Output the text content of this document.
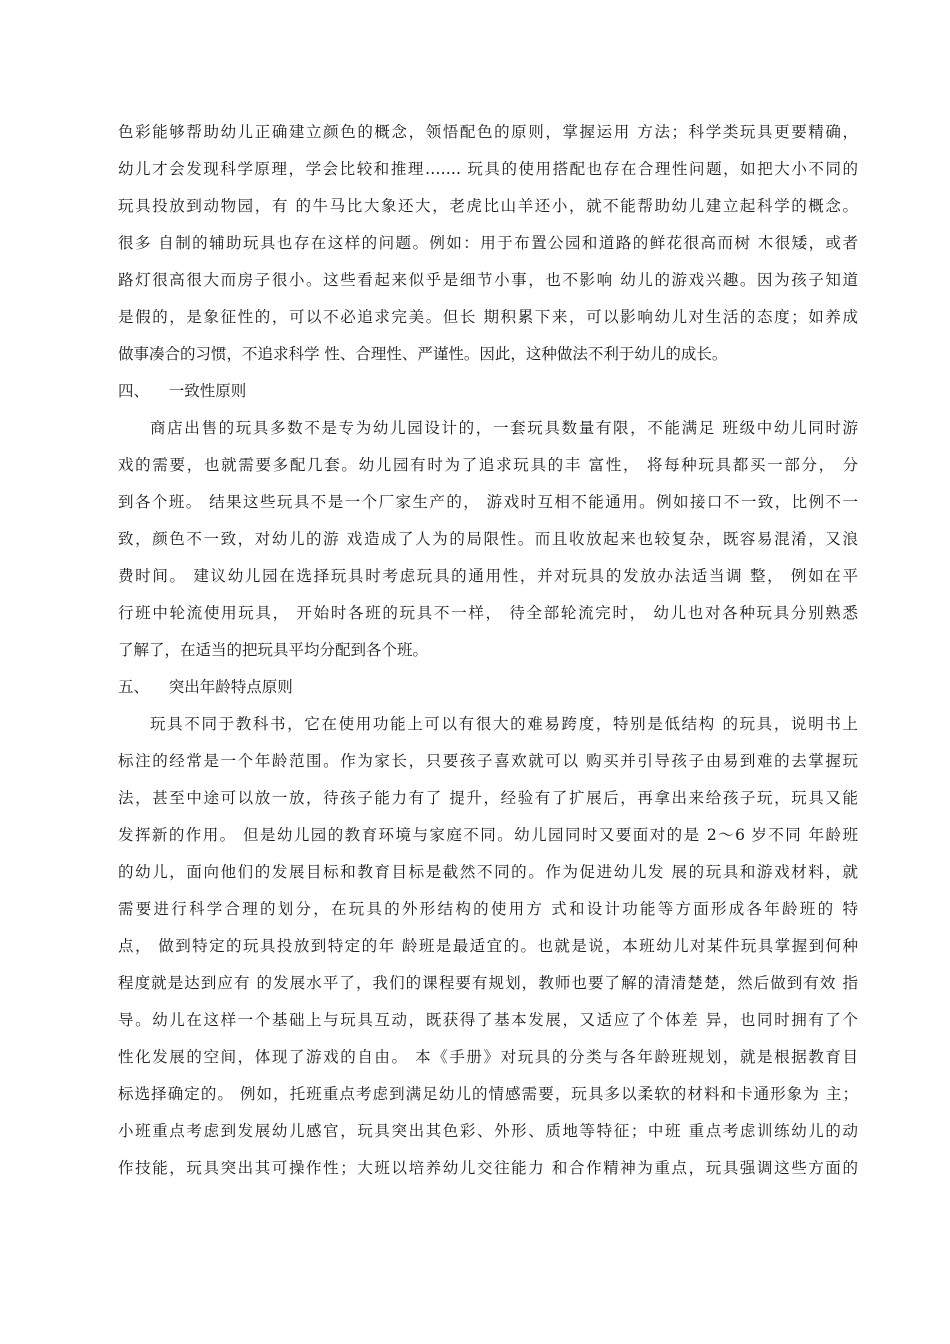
色彩能够帮助幼儿正确建立颜色的概念，领悟配色的原则，掌握运用 方法；科学类玩具更要精确，
幼儿才会发现科学原理，学会比较和推理……. 玩具的使用搭配也存在合理性问题，如把大小不同的
玩具投放到动物园，有 的牛马比大象还大，老虎比山羊还小，就不能帮助幼儿建立起科学的概念。
很多 自制的辅助玩具也存在这样的问题。例如：用于布置公园和道路的鲜花很高而树 木很矮，或者
路灯很高很大而房子很小。这些看起来似乎是细节小事，也不影响 幼儿的游戏兴趣。因为孩子知道
是假的，是象征性的，可以不必追求完美。但长 期积累下来，可以影响幼儿对生活的态度；如养成
做事凑合的习惯，不追求科学 性、合理性、严谨性。因此，这种做法不利于幼儿的成长。
四、    一致性原则
商店出售的玩具多数不是专为幼儿园设计的，一套玩具数量有限，不能满足 班级中幼儿同时游
戏的需要，也就需要多配几套。幼儿园有时为了追求玩具的丰 富性， 将每种玩具都买一部分， 分
到各个班。 结果这些玩具不是一个厂家生产的， 游戏时互相不能通用。例如接口不一致，比例不一
致，颜色不一致，对幼儿的游 戏造成了人为的局限性。而且收放起来也较复杂，既容易混淆，又浪
费时间。 建议幼儿园在选择玩具时考虑玩具的通用性，并对玩具的发放办法适当调 整， 例如在平
行班中轮流使用玩具， 开始时各班的玩具不一样， 待全部轮流完时， 幼儿也对各种玩具分别熟悉
了解了，在适当的把玩具平均分配到各个班。
五、    突出年龄特点原则
玩具不同于教科书，它在使用功能上可以有很大的难易跨度，特别是低结构 的玩具，说明书上
标注的经常是一个年龄范围。作为家长，只要孩子喜欢就可以 购买并引导孩子由易到难的去掌握玩
法，甚至中途可以放一放，待孩子能力有了 提升，经验有了扩展后，再拿出来给孩子玩，玩具又能
发挥新的作用。 但是幼儿园的教育环境与家庭不同。幼儿园同时又要面对的是 2～6 岁不同 年龄班
的幼儿，面向他们的发展目标和教育目标是截然不同的。作为促进幼儿发 展的玩具和游戏材料，就
需要进行科学合理的划分，在玩具的外形结构的使用方 式和设计功能等方面形成各年龄班的 特
点， 做到特定的玩具投放到特定的年 龄班是最适宜的。也就是说，本班幼儿对某件玩具掌握到何种
程度就是达到应有 的发展水平了，我们的课程要有规划，教师也要了解的清清楚楚，然后做到有效 指
导。幼儿在这样一个基础上与玩具互动，既获得了基本发展，又适应了个体差 异，也同时拥有了个
性化发展的空间，体现了游戏的自由。 本《手册》对玩具的分类与各年龄班规划，就是根据教育目
标选择确定的。 例如，托班重点考虑到满足幼儿的情感需要，玩具多以柔软的材料和卡通形象为 主；
小班重点考虑到发展幼儿感官，玩具突出其色彩、外形、质地等特征；中班 重点考虑训练幼儿的动
作技能，玩具突出其可操作性；大班以培养幼儿交往能力 和合作精神为重点，玩具强调这些方面的
